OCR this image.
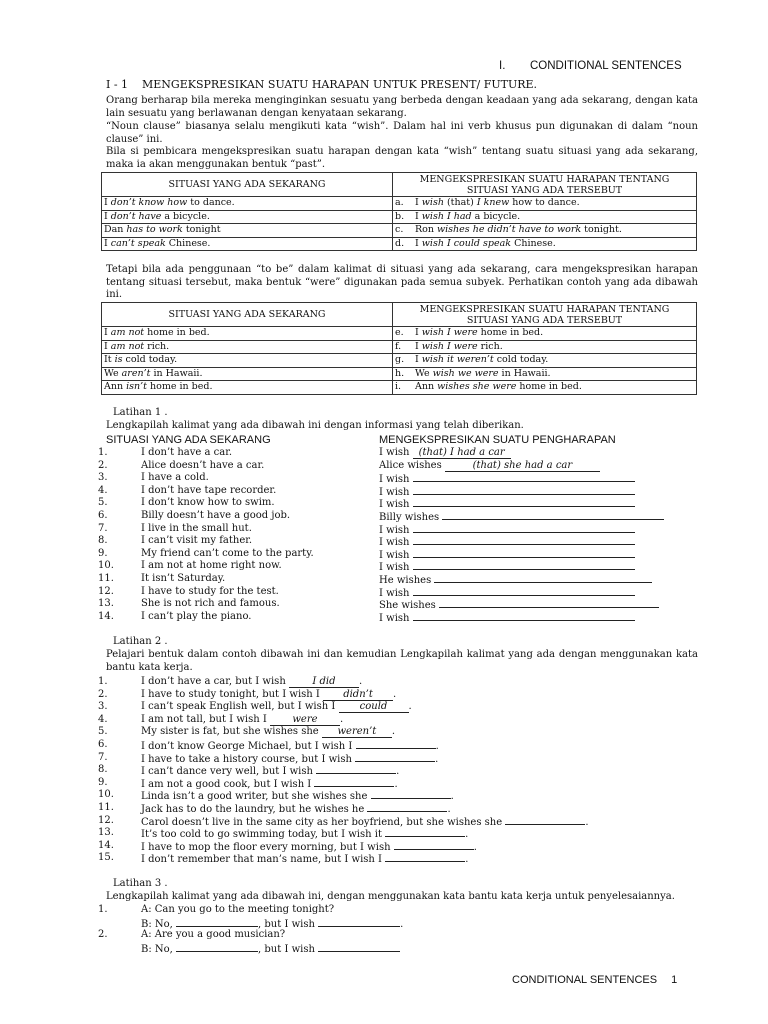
I. CONDITIONAL SENTENCES
I - 1 MENGEKSPRESIKAN SUATU HARAPAN UNTUK PRESENT/ FUTURE.
Orang berharap bila mereka menginginkan sesuatu yang berbeda dengan keadaan yang ada sekarang, dengan kata lain sesuatu yang berlawanan dengan kenyataan sekarang.
“Noun clause” biasanya selalu mengikuti kata “wish”. Dalam hal ini verb khusus pun digunakan di dalam “noun clause” ini.
Bila si pembicara mengekspresikan suatu harapan dengan kata “wish” tentang suatu situasi yang ada sekarang, maka ia akan menggunakan bentuk “past”.
SITUASI YANG ADA SEKARANG	MENGEKSPRESIKAN SUATU HARAPAN TENTANG
SITUASI YANG ADA TERSEBUT
I don’t know how to dance.	a. I wish (that) I knew how to dance.
I don’t have a bicycle.	b. I wish I had a bicycle.
Dan has to work tonight	c. Ron wishes he didn’t have to work tonight.
I can’t speak Chinese.	d. I wish I could speak Chinese.
Tetapi bila ada penggunaan “to be” dalam kalimat di situasi yang ada sekarang, cara mengekspresikan harapan tentang situasi tersebut, maka bentuk “were” digunakan pada semua subyek. Perhatikan contoh yang ada dibawah ini.
SITUASI YANG ADA SEKARANG	MENGEKSPRESIKAN SUATU HARAPAN TENTANG
SITUASI YANG ADA TERSEBUT
I am not home in bed.	e. I wish I were home in bed.
I am not rich.	f. I wish I were rich.
It is cold today.	g. I wish it weren’t cold today.
We aren’t in Hawaii.	h. We wish we were in Hawaii.
Ann isn’t home in bed.	i. Ann wishes she were home in bed.
Latihan 1 .
Lengkapilah kalimat yang ada dibawah ini dengan informasi yang telah diberikan.
SITUASI YANG ADA SEKARANG	MENGEKSPRESIKAN SUATU PENGHARAPAN
1.	I don’t have a car.	I wish (that) I had a car
2.	Alice doesn’t have a car.	Alice wishes	(that) she had a car
3.	I have a cold.	I wish
4.	I don’t have tape recorder.	I wish
5.	I don’t know how to swim.	I wish
6.	Billy doesn’t have a good job.	Billy wishes
7.	I live in the small hut.	I wish
8.	I can’t visit my father.	I wish
9.	My friend can’t come to the party.	I wish
10.	I am not at home right now.	I wish
11.	It isn’t Saturday.	He wishes
12.	I have to study for the test.	I wish
13.	She is not rich and famous.	She wishes
14.	I can’t play the piano.	I wish
Latihan 2 .
Pelajari bentuk dalam contoh dibawah ini dan kemudian Lengkapilah kalimat yang ada dengan menggunakan kata bantu kata kerja.
1.	I don’t have a car, but I wish	I did .
2.	I have to study tonight, but I wish I didn’t .
3.	I can’t speak English well, but I wish I could .
4.	I am not tall, but I wish I	were .
5.	My sister is fat, but she wishes she weren’t .
6.	I don’t know George Michael, but I wish I	.
7.	I have to take a history course, but I wish	.
8.	I can’t dance very well, but I wish	.
9.	I am not a good cook, but I wish I	.
10.	Linda isn’t a good writer, but she wishes she	.
11.	Jack has to do the laundry, but he wishes he	.
12.	Carol doesn’t live in the same city as her boyfriend, but she wishes she	.
13.	It’s too cold to go swimming today, but I wish it	.
14.	I have to mop the floor every morning, but I wish	.
15.	I don’t remember that man’s name, but I wish I	.
Latihan 3 .
Lengkapilah kalimat yang ada dibawah ini, dengan menggunakan kata bantu kata kerja untuk penyelesaiannya.
1.	A: Can you go to the meeting tonight?
B: No,	, but I wish	.
2.	A: Are you a good musician?
B: No,	, but I wish
CONDITIONAL SENTENCES 1
